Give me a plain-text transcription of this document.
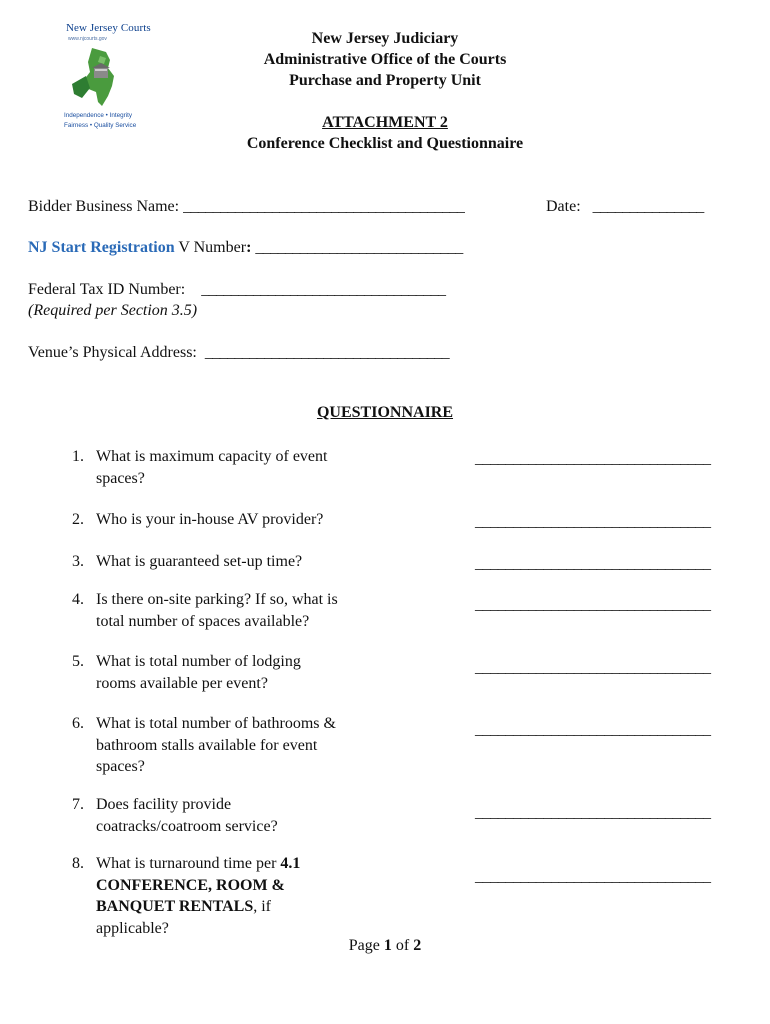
New Jersey Courts
www.njcourts.gov
Independence • Integrity
Fairness • Quality Service
New Jersey Judiciary
Administrative Office of the Courts
Purchase and Property Unit
ATTACHMENT 2
Conference Checklist and Questionnaire
Bidder Business Name: ______________________________________	Date: _______________
NJ Start Registration V Number: ____________________________
Federal Tax ID Number: _________________________________
(Required per Section 3.5)
Venue’s Physical Address: _________________________________
QUESTIONNAIRE
1. What is maximum capacity of event spaces?
_______________________________
2. Who is your in-house AV provider?	_______________________________
3. What is guaranteed set-up time?	_______________________________
4. Is there on-site parking? If so, what is total number of spaces available?
_______________________________
5. What is total number of lodging rooms available per event?
_______________________________
6. What is total number of bathrooms & bathroom stalls available for event spaces?
_______________________________
7. Does facility provide coatracks/coatroom service?
_______________________________
8. What is turnaround time per 4.1 CONFERENCE, ROOM & BANQUET RENTALS, if applicable?
_______________________________
Page 1 of 2
